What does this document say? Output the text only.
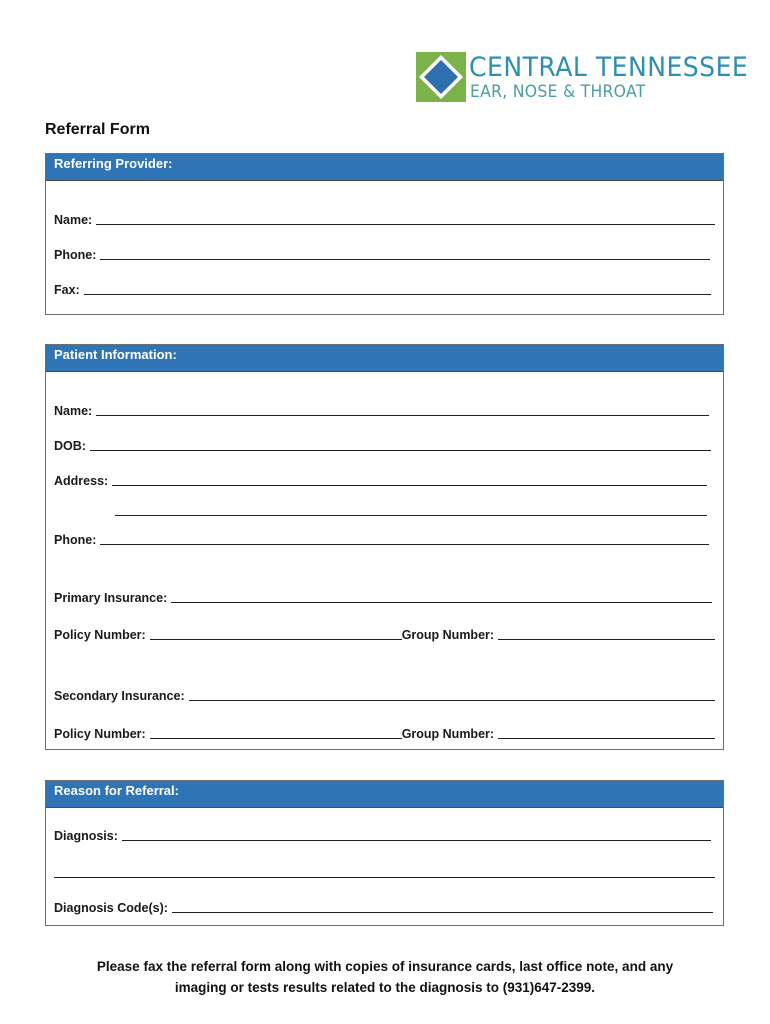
CENTRAL TENNESSEE
EAR, NOSE & THROAT
Referral Form
Referring Provider:
Name:
Phone:
Fax:
Patient Information:
Name:
DOB:
Address:
Phone:
Primary Insurance:
Policy Number:	Group Number:
Secondary Insurance:
Policy Number:	Group Number:
Reason for Referral:
Diagnosis:
Diagnosis Code(s):
Please fax the referral form along with copies of insurance cards, last office note, and any
imaging or tests results related to the diagnosis to (931)647-2399.
